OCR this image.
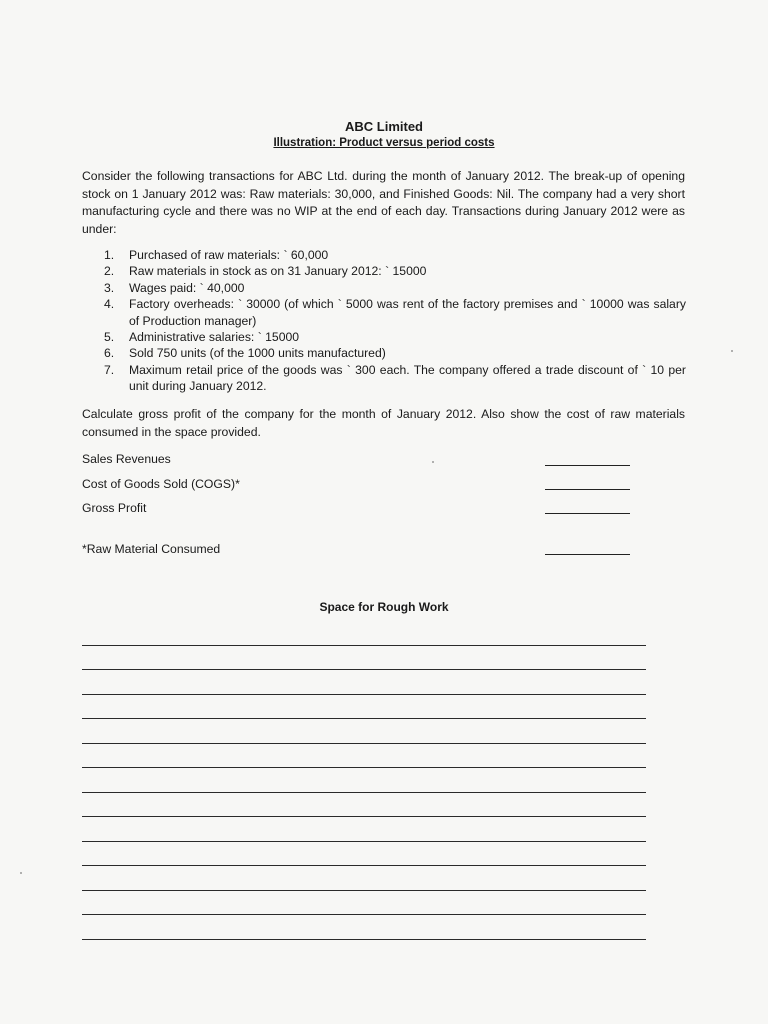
ABC Limited
Illustration: Product versus period costs
Consider the following transactions for ABC Ltd. during the month of January 2012. The break-up of opening stock on 1 January 2012 was: Raw materials: 30,000, and Finished Goods: Nil. The company had a very short manufacturing cycle and there was no WIP at the end of each day. Transactions during January 2012 were as under:
1. Purchased of raw materials: ` 60,000
2. Raw materials in stock as on 31 January 2012: ` 15000
3. Wages paid: ` 40,000
4. Factory overheads: ` 30000 (of which ` 5000 was rent of the factory premises and ` 10000 was salary of Production manager)
5. Administrative salaries: ` 15000
6. Sold 750 units (of the 1000 units manufactured)
7. Maximum retail price of the goods was ` 300 each. The company offered a trade discount of ` 10 per unit during January 2012.
Calculate gross profit of the company for the month of January 2012. Also show the cost of raw materials consumed in the space provided.
Sales Revenues
Cost of Goods Sold (COGS)*
Gross Profit
*Raw Material Consumed
Space for Rough Work
